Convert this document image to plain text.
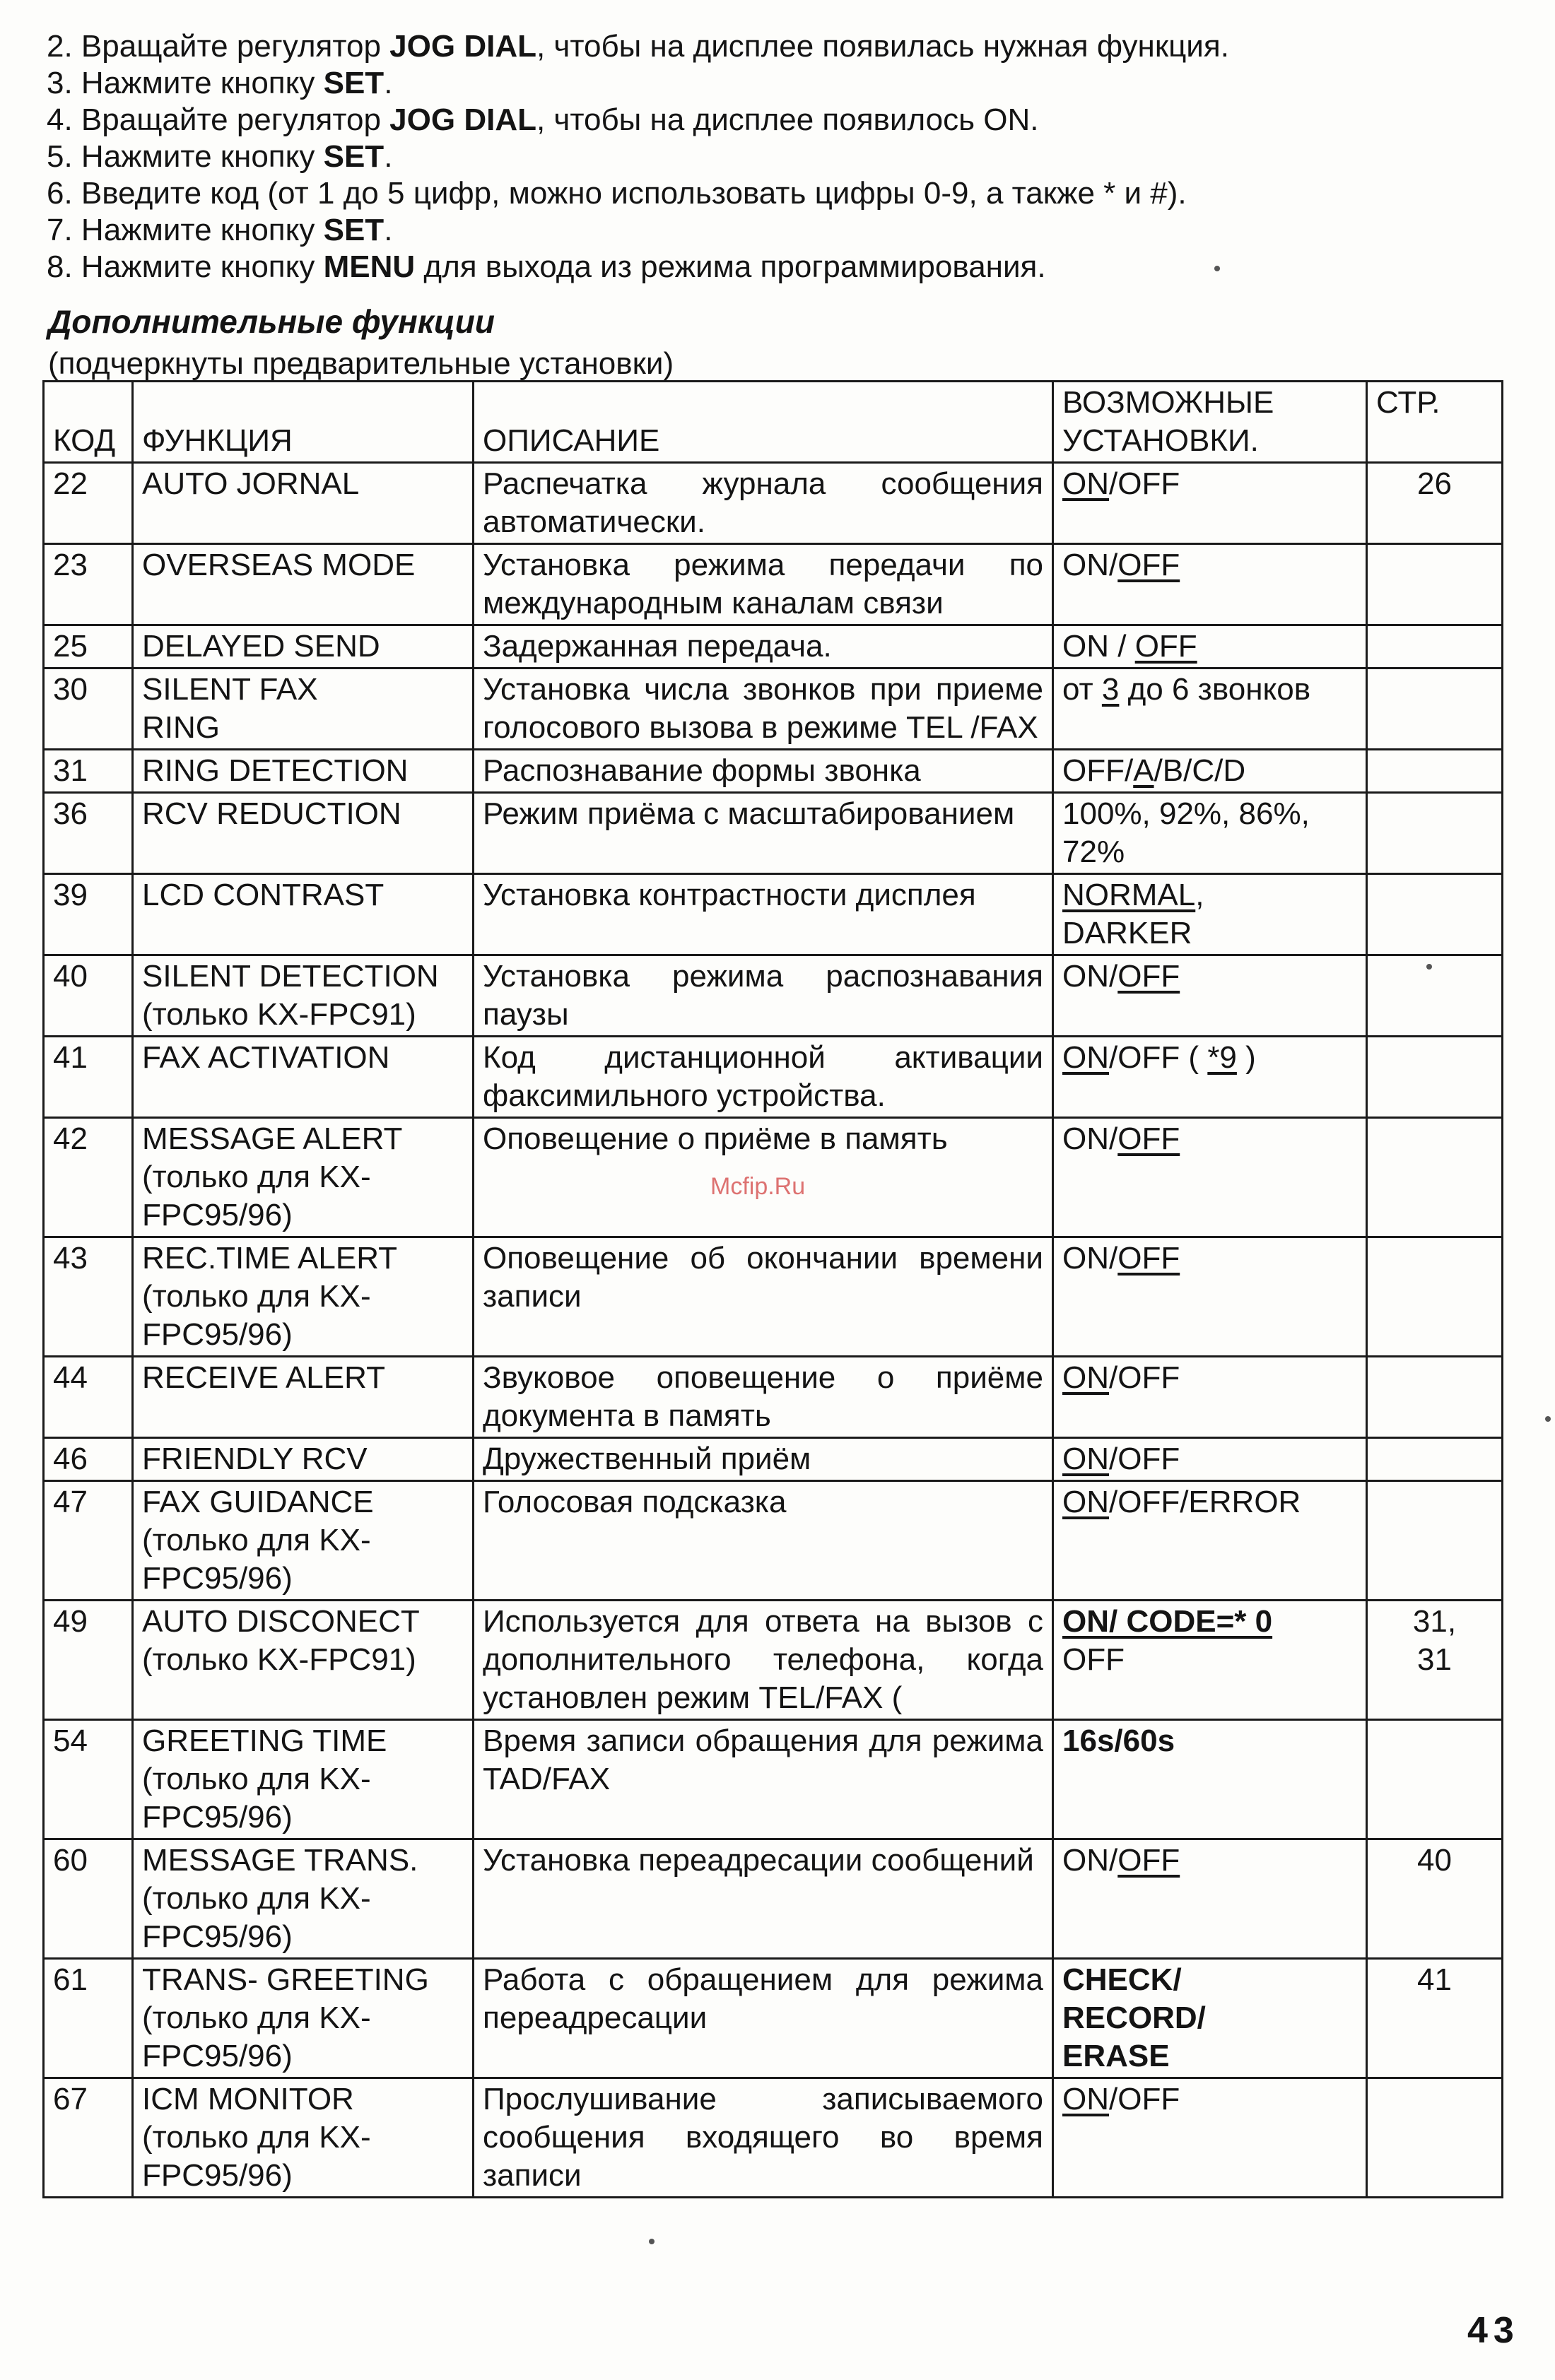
2. Вращайте регулятор JOG DIAL, чтобы на дисплее появилась нужная функция.
3. Нажмите кнопку SET.
4. Вращайте регулятор JOG DIAL, чтобы на дисплее появилось ON.
5. Нажмите кнопку SET.
6. Введите код (от 1 до 5 цифр, можно использовать цифры 0-9, а также * и #).
7. Нажмите кнопку SET.
8. Нажмите кнопку MENU для выхода из режима программирования.
Дополнительные функции
(подчеркнуты предварительные установки)
КОД	ФУНКЦИЯ	ОПИСАНИЕ	ВОЗМОЖНЫЕ
УСТАНОВКИ.	СТР.
22	AUTO JORNAL	Распечатка журнала сообщения автоматически.	ON/OFF	26

23	OVERSEAS MODE	Установка режима передачи по международным каналам связи	ON/OFF	

25	DELAYED SEND	Задержанная передача.	ON / OFF	

30	SILENT FAX
RING	Установка числа звонков при приеме голосового вызова в режиме TEL /FAX	от 3 до 6 звонков	

31	RING DETECTION	Распознавание формы звонка	OFF/A/B/C/D	

36	RCV REDUCTION	Режим приёма с масштабированием	100%, 92%, 86%,
72%	

39	LCD CONTRAST	Установка контрастности дисплея	NORMAL,
DARKER	

40	SILENT DETECTION (только KX-FPC91)	Установка режима распознавания паузы	ON/OFF	

41	FAX ACTIVATION	Код дистанционной активации факсимильного устройства.	ON/OFF ( *9 )	

42	MESSAGE ALERT (только для KX-FPC95/96)	Оповещение о приёме в память	ON/OFF	

43	REC.TIME ALERT (только для KX-FPC95/96)	Оповещение об окончании времени записи	ON/OFF	

44	RECEIVE ALERT	Звуковое оповещение о приёме документа в память	ON/OFF	

46	FRIENDLY RCV	Дружественный приём	ON/OFF	

47	FAX GUIDANCE (только для KX-FPC95/96)	Голосовая подсказка	ON/OFF/ERROR	

49	AUTO DISCONECT (только KX-FPC91)	Используется для ответа на вызов с дополнительного телефона, когда установлен режим TEL/FAX (	ON/ CODE=* 0
OFF	31,
31

54	GREETING TIME (только для KX-FPC95/96)	Время записи обращения для режима TAD/FAX	16s/60s	

60	MESSAGE TRANS. (только для KX-FPC95/96)	Установка переадресации сообщений	ON/OFF	40

61	TRANS- GREETING (только для KX-FPC95/96)	Работа с обращением для режима переадресации	CHECK/
RECORD/
ERASE	41

67	ICM MONITOR (только для KX-FPC95/96)	Прослушивание записываемого сообщения входящего во время записи	ON/OFF	

Mcfip.Ru
43
